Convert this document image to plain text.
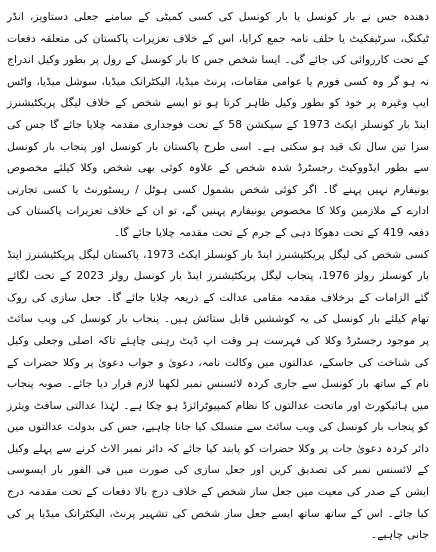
دھندہ جس نے بار کونسل یا بار کونسل کی کسی کمیٹی کے سامنے جعلی دستاویز، انڈر ٹیکنگ، سرٹیفکیٹ یا حلف نامہ جمع کرایا، اس کے خلاف تعزیرات پاکستان کی متعلقہ دفعات کے تحت کارروائی کی جائے گی۔ ایسا شخص جس کا بار کونسل کے رول پر بطور وکیل اندراج نہ ہو گر وہ کسی فورم یا عوامی مقامات، پرنٹ میڈیا، الیکٹرانک میڈیا، سوشل میڈیا، واٹس ایپ وغیرہ پر خود کو بطور وکیل ظاہر کرتا ہو تو ایسے شخص کے خلاف لیگل پریکٹیشنرز اینڈ بار کونسلز ایکٹ 1973 کے سیکشن 58 کے تحت فوجداری مقدمہ چلایا جائے گا جس کی سزا تین سال تک قید ہو سکتی ہے۔ اسی طرح پاکستان بار کونسل اور پنجاب بار کونسل سے بطور ایڈووکیٹ رجسٹرڈ شدہ شخص کے علاوہ کوئی بھی شخص وکلا کیلئے مخصوص یونیفارم نہیں پہنے گا۔ اگر کوئی شخص بشمول کسی ہوٹل / ریسٹورنٹ یا کسی تجارتی ادارے کے ملازمین وکلا کا مخصوص یونیفارم پہنیں گے، تو ان کے خلاف تعزیرات پاکستان کی دفعہ 419 کے تحت دھوکا دہی کے جرم کے تحت مقدمہ چلایا جائے گا۔

کسی شخص کی لیگل پریکٹیشنرز اینڈ بار کونسلز ایکٹ 1973، پاکستان لیگل پریکٹیشنرز اینڈ بار کونسلز رولز 1976، پنجاب لیگل پریکٹیشنرز اینڈ بار کونسل رولز 2023 کے تحت لگائے گئے الزامات کے برخلاف مقدمہ مقامی عدالت کے ذریعہ چلایا جائے گا۔ جعل سازی کی روک تھام کیلئے بار کونسل کی یہ کوششیں قابل ستائش ہیں۔ پنجاب بار کونسل کی ویب سائٹ پر موجود رجسٹرڈ وکلا کی فہرست ہر وقت اپ ڈیٹ رہنی چاہئے تاکہ اصلی وجعلی وکیل کی شناخت کی جاسکے، عدالتوں میں وکالت نامہ، دعویٰ و جواب دعویٰ پر وکلا حضرات کے نام کے ساتھ بار کونسل سے جاری کردہ لائسنس نمبر لکھنا لازم قرار دیا جائے۔ صوبہ پنجاب میں ہائیکورٹ اور ماتحت عدالتوں کا نظام کمپیوٹرائزڈ ہو چکا ہے۔ لہٰذا عدالتی سافٹ ویئرز کو پنجاب بار کونسل کی ویب سائٹ سے منسلک کیا جانا چاہیے، جس کی بدولت عدالتوں میں دائر کردہ دعویٰ جات پر وکلا حضرات کو پابند کیا جائے کہ دائر نمبر الاٹ کرنے سے پہلے وکیل کے لائسنس نمبر کی تصدیق کریں اور جعل سازی کی صورت میں فی الفور بار ایسوسی ایشن کے صدر کی معیت میں جعل ساز شخص کے خلاف درج بالا دفعات کے تحت مقدمہ درج کیا جائے۔ اس کے ساتھ ساتھ ایسے جعل ساز شخص کی تشہیر پرنٹ، الیکٹرانک میڈیا پر کی جانی چاہیے۔
